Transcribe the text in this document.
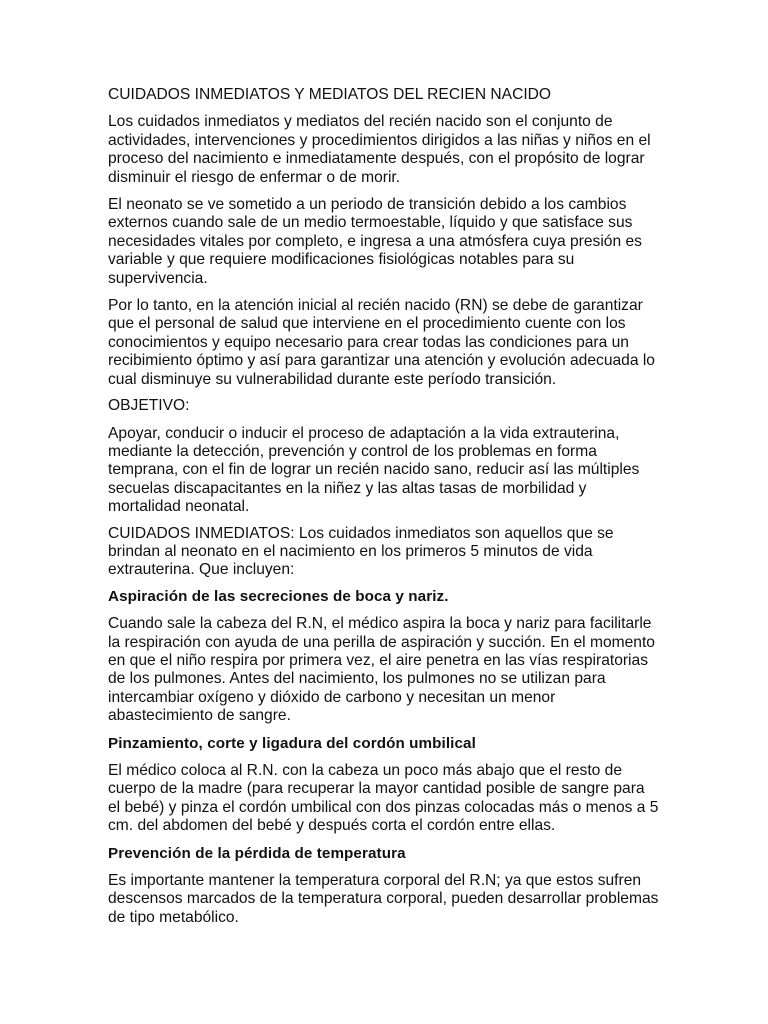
CUIDADOS INMEDIATOS Y MEDIATOS DEL RECIEN NACIDO

Los cuidados inmediatos y mediatos del recién nacido son el conjunto de actividades, intervenciones y procedimientos dirigidos a las niñas y niños en el proceso del nacimiento e inmediatamente después, con el propósito de lograr disminuir el riesgo de enfermar o de morir.

El neonato se ve sometido a un periodo de transición debido a los cambios externos cuando sale de un medio termoestable, líquido y que satisface sus necesidades vitales por completo, e ingresa a una atmósfera cuya presión es variable y que requiere modificaciones fisiológicas notables para su supervivencia.

Por lo tanto, en la atención inicial al recién nacido (RN) se debe de garantizar que el personal de salud que interviene en el procedimiento cuente con los conocimientos y equipo necesario para crear todas las condiciones para un recibimiento óptimo y así para garantizar una atención y evolución adecuada lo cual disminuye su vulnerabilidad durante este período transición.

OBJETIVO:

Apoyar, conducir o inducir el proceso de adaptación a la vida extrauterina, mediante la detección, prevención y control de los problemas en forma temprana, con el fin de lograr un recién nacido sano, reducir así las múltiples secuelas discapacitantes en la niñez y las altas tasas de morbilidad y mortalidad neonatal.

CUIDADOS INMEDIATOS: Los cuidados inmediatos son aquellos que se brindan al neonato en el nacimiento en los primeros 5 minutos de vida extrauterina. Que incluyen:

Aspiración de las secreciones de boca y nariz.

Cuando sale la cabeza del R.N, el médico aspira la boca y nariz para facilitarle la respiración con ayuda de una perilla de aspiración y succión. En el momento en que el niño respira por primera vez, el aire penetra en las vías respiratorias de los pulmones. Antes del nacimiento, los pulmones no se utilizan para intercambiar oxígeno y dióxido de carbono y necesitan un menor abastecimiento de sangre.

Pinzamiento, corte y ligadura del cordón umbilical

El médico coloca al R.N. con la cabeza un poco más abajo que el resto de cuerpo de la madre (para recuperar la mayor cantidad posible de sangre para el bebé) y pinza el cordón umbilical con dos pinzas colocadas más o menos a 5 cm. del abdomen del bebé y después corta el cordón entre ellas.

Prevención de la pérdida de temperatura

Es importante mantener la temperatura corporal del R.N; ya que estos sufren descensos marcados de la temperatura corporal, pueden desarrollar problemas de tipo metabólico.
